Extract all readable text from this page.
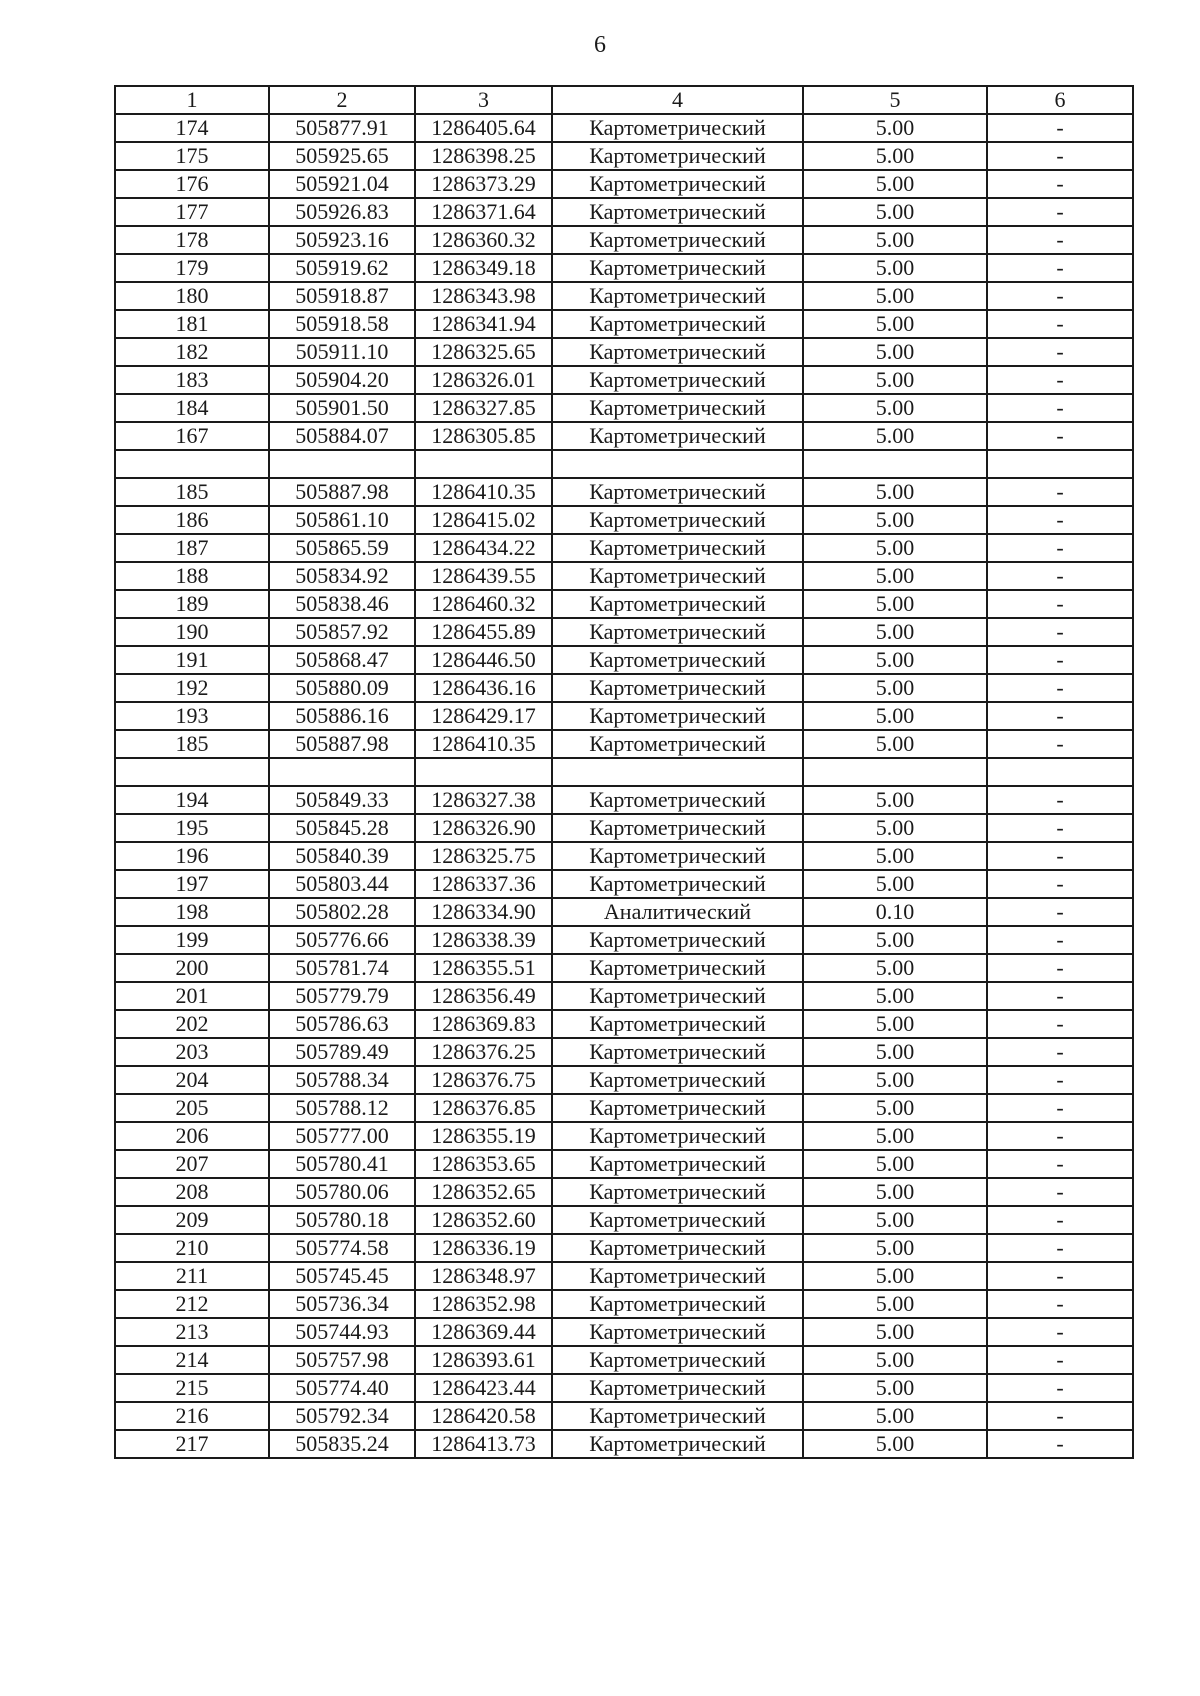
6
1	2	3	4	5	6
174	505877.91	1286405.64	Картометрический	5.00	-
175	505925.65	1286398.25	Картометрический	5.00	-
176	505921.04	1286373.29	Картометрический	5.00	-
177	505926.83	1286371.64	Картометрический	5.00	-
178	505923.16	1286360.32	Картометрический	5.00	-
179	505919.62	1286349.18	Картометрический	5.00	-
180	505918.87	1286343.98	Картометрический	5.00	-
181	505918.58	1286341.94	Картометрический	5.00	-
182	505911.10	1286325.65	Картометрический	5.00	-
183	505904.20	1286326.01	Картометрический	5.00	-
184	505901.50	1286327.85	Картометрический	5.00	-
167	505884.07	1286305.85	Картометрический	5.00	-

185	505887.98	1286410.35	Картометрический	5.00	-
186	505861.10	1286415.02	Картометрический	5.00	-
187	505865.59	1286434.22	Картометрический	5.00	-
188	505834.92	1286439.55	Картометрический	5.00	-
189	505838.46	1286460.32	Картометрический	5.00	-
190	505857.92	1286455.89	Картометрический	5.00	-
191	505868.47	1286446.50	Картометрический	5.00	-
192	505880.09	1286436.16	Картометрический	5.00	-
193	505886.16	1286429.17	Картометрический	5.00	-
185	505887.98	1286410.35	Картометрический	5.00	-

194	505849.33	1286327.38	Картометрический	5.00	-
195	505845.28	1286326.90	Картометрический	5.00	-
196	505840.39	1286325.75	Картометрический	5.00	-
197	505803.44	1286337.36	Картометрический	5.00	-
198	505802.28	1286334.90	Аналитический	0.10	-
199	505776.66	1286338.39	Картометрический	5.00	-
200	505781.74	1286355.51	Картометрический	5.00	-
201	505779.79	1286356.49	Картометрический	5.00	-
202	505786.63	1286369.83	Картометрический	5.00	-
203	505789.49	1286376.25	Картометрический	5.00	-
204	505788.34	1286376.75	Картометрический	5.00	-
205	505788.12	1286376.85	Картометрический	5.00	-
206	505777.00	1286355.19	Картометрический	5.00	-
207	505780.41	1286353.65	Картометрический	5.00	-
208	505780.06	1286352.65	Картометрический	5.00	-
209	505780.18	1286352.60	Картометрический	5.00	-
210	505774.58	1286336.19	Картометрический	5.00	-
211	505745.45	1286348.97	Картометрический	5.00	-
212	505736.34	1286352.98	Картометрический	5.00	-
213	505744.93	1286369.44	Картометрический	5.00	-
214	505757.98	1286393.61	Картометрический	5.00	-
215	505774.40	1286423.44	Картометрический	5.00	-
216	505792.34	1286420.58	Картометрический	5.00	-
217	505835.24	1286413.73	Картометрический	5.00	-
